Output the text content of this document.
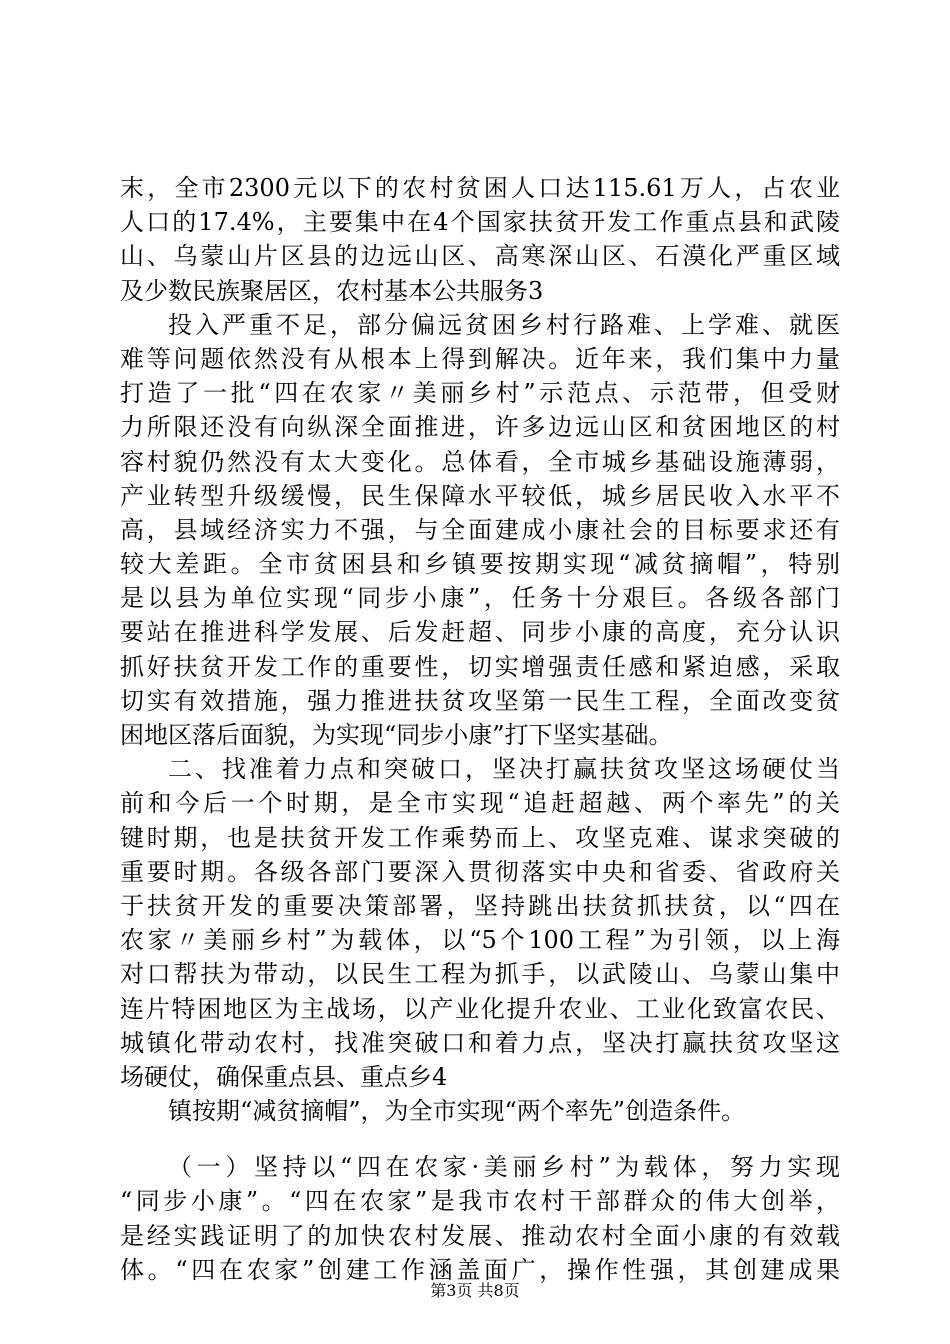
末，全市2300元以下的农村贫困人口达115.61万人，占农业
人口的17.4%，主要集中在4个国家扶贫开发工作重点县和武陵
山、乌蒙山片区县的边远山区、高寒深山区、石漠化严重区域
及少数民族聚居区，农村基本公共服务3
投入严重不足，部分偏远贫困乡村行路难、上学难、就医
难等问题依然没有从根本上得到解决。近年来，我们集中力量
打造了一批“四在农家〃美丽乡村”示范点、示范带，但受财
力所限还没有向纵深全面推进，许多边远山区和贫困地区的村
容村貌仍然没有太大变化。总体看，全市城乡基础设施薄弱，
产业转型升级缓慢，民生保障水平较低，城乡居民收入水平不
高，县域经济实力不强，与全面建成小康社会的目标要求还有
较大差距。全市贫困县和乡镇要按期实现“减贫摘帽”，特别
是以县为单位实现“同步小康”，任务十分艰巨。各级各部门
要站在推进科学发展、后发赶超、同步小康的高度，充分认识
抓好扶贫开发工作的重要性，切实增强责任感和紧迫感，采取
切实有效措施，强力推进扶贫攻坚第一民生工程，全面改变贫
困地区落后面貌，为实现“同步小康”打下坚实基础。
二、找准着力点和突破口，坚决打赢扶贫攻坚这场硬仗当
前和今后一个时期，是全市实现“追赶超越、两个率先”的关
键时期，也是扶贫开发工作乘势而上、攻坚克难、谋求突破的
重要时期。各级各部门要深入贯彻落实中央和省委、省政府关
于扶贫开发的重要决策部署，坚持跳出扶贫抓扶贫，以“四在
农家〃美丽乡村”为载体，以“5个100工程”为引领，以上海
对口帮扶为带动，以民生工程为抓手，以武陵山、乌蒙山集中
连片特困地区为主战场，以产业化提升农业、工业化致富农民、
城镇化带动农村，找准突破口和着力点，坚决打赢扶贫攻坚这
场硬仗，确保重点县、重点乡4
镇按期“减贫摘帽”，为全市实现“两个率先”创造条件。
（一）坚持以“四在农家·美丽乡村”为载体，努力实现
“同步小康”。“四在农家”是我市农村干部群众的伟大创举，
是经实践证明了的加快农村发展、推动农村全面小康的有效载
体。“四在农家”创建工作涵盖面广，操作性强，其创建成果
第3页 共8页
